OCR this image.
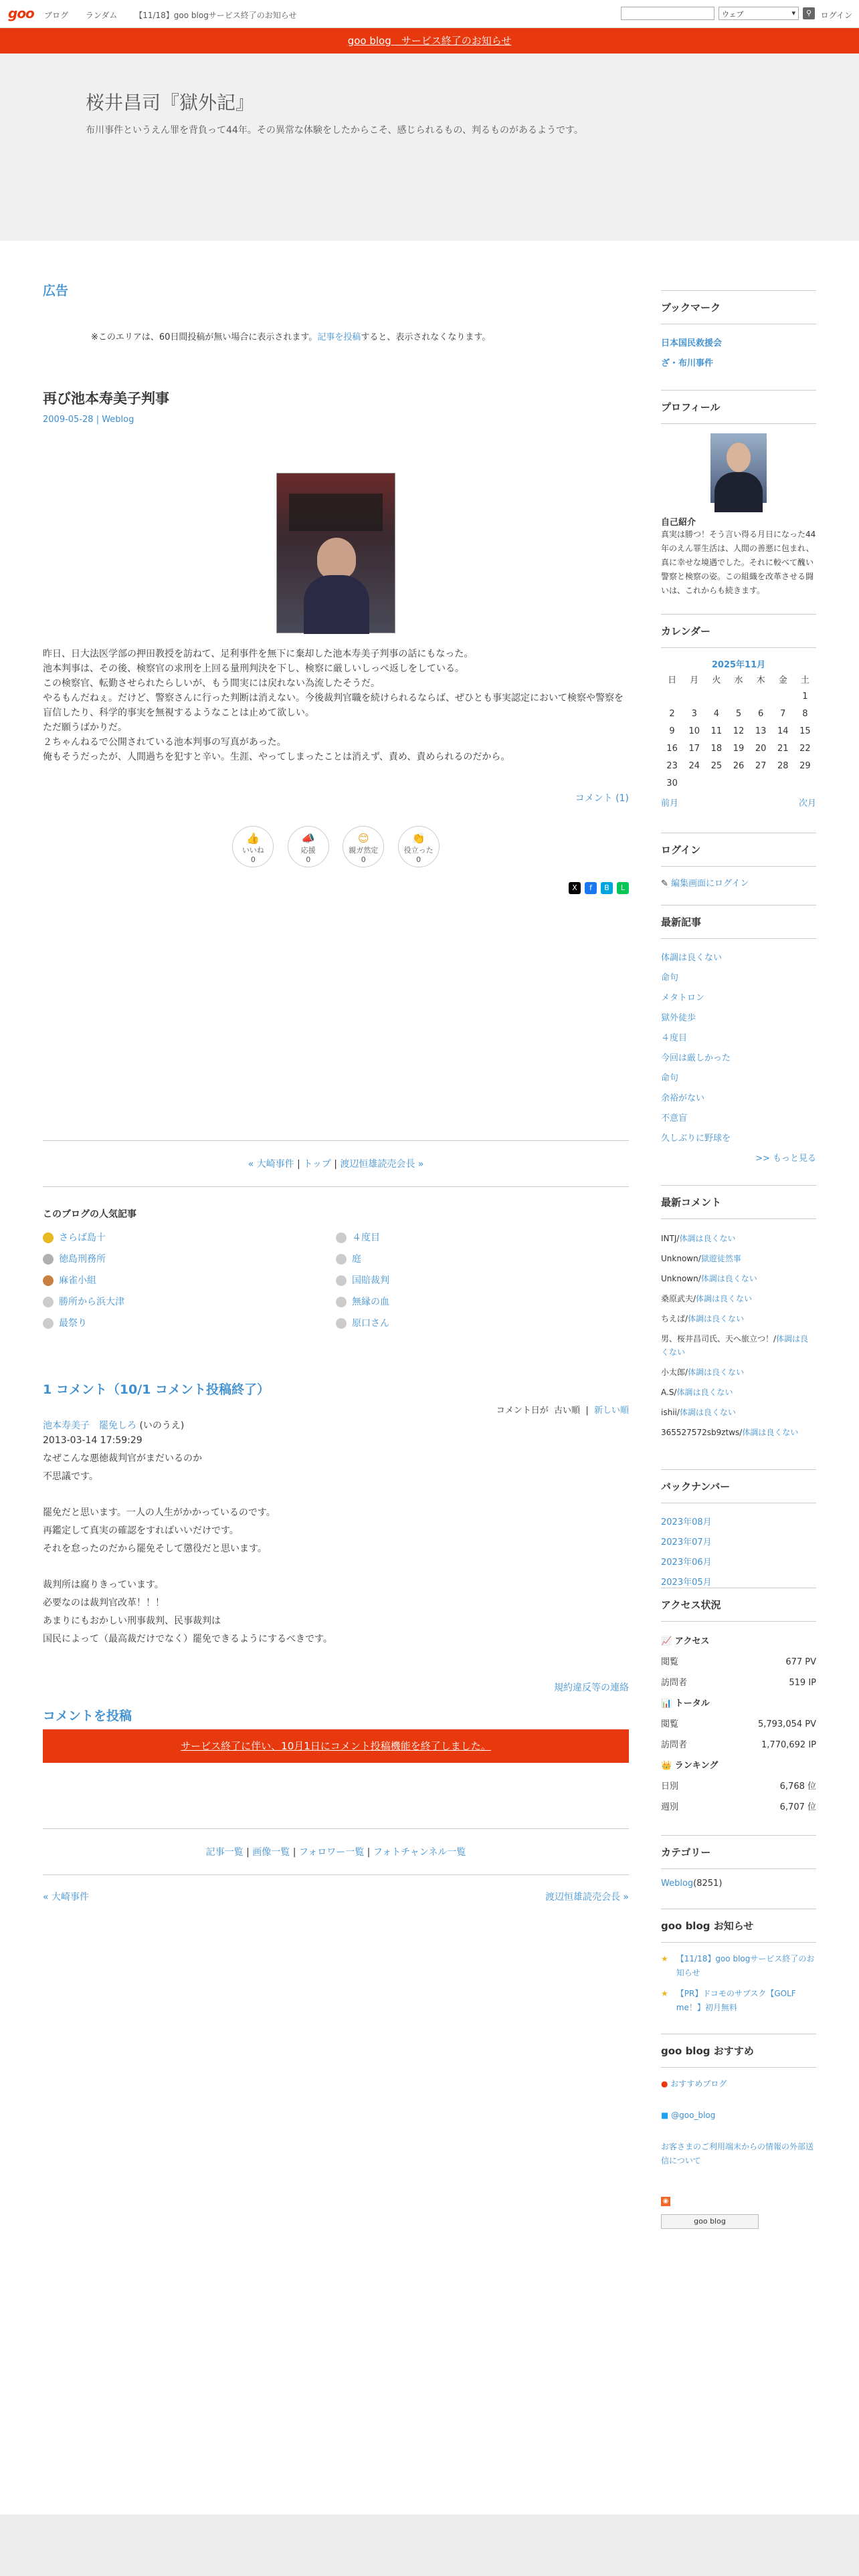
goo ブログ ランダム 【11/18】goo blogサービス終了のお知らせ	ウェブ	▾	⚲	ログイン
goo blog　サービス終了のお知らせ
桜井昌司『獄外記』
布川事件というえん罪を背負って44年。その異常な体験をしたからこそ、感じられるもの、判るものがあるようです。
広告
※このエリアは、60日間投稿が無い場合に表示されます。記事を投稿すると、表示されなくなります。
再び池本寿美子判事
2009-05-28 | Weblog
昨日、日大法医学部の押田教授を訪ねて、足利事件を無下に棄却した池本寿美子判事の話にもなった。
池本判事は、その後、検察官の求刑を上回る量刑判決を下し、検察に厳しいしっぺ返しをしている。
この検察官、転勤させられたらしいが、もう間実には戻れない為流したそうだ。
やるもんだねぇ。だけど、警察さんに行った判断は消えない。今後裁判官職を続けられるならば、ぜひとも事実認定において検察や警察を盲信したり、科学的事実を無視するようなことは止めて欲しい。
ただ願うばかりだ。
２ちゃんねるで公開されている池本判事の写真があった。
俺もそうだったが、人間過ちを犯すと辛い。生涯、やってしまったことは消えず、責め、責められるのだから。
コメント (1)
👍
いいね
0
📣
応援
0
😊
親ガ然定
0
👏
役立った
0
X f B L
« 大崎事件 | トップ | 渡辺恒雄読売会長 »
このブログの人気記事
さらば島十
徳島刑務所
麻雀小組
勝所から浜大津
最祭り
４度目
庭
国賠裁判
無縁の血
原口さん
1 コメント（10/1 コメント投稿終了）
コメント日が 古い順  |  新しい順
池本寿美子　罷免しろ (いのうえ)
2013-03-14 17:59:29
なぜこんな悪徳裁判官がまだいるのか
不思議です。
罷免だと思います。一人の人生がかかっているのです。
再鑑定して真実の確認をすればいいだけです。
それを怠ったのだから罷免そして懲役だと思います。
裁判所は腐りきっています。
必要なのは裁判官改革！！！
あまりにもおかしい刑事裁判、民事裁判は
国民によって（最高裁だけでなく）罷免できるようにするべきです。
規約違反等の連絡
コメントを投稿
サービス終了に伴い、10月1日にコメント投稿機能を終了しました。
記事一覧 | 画像一覧 | フォロワー一覧 | フォトチャンネル一覧
« 大崎事件	渡辺恒雄読売会長 »
ブックマーク
日本国民救援会
ざ・布川事件
プロフィール
自己紹介
真実は勝つ！そう言い得る月日になった44年のえん罪生活は、人間の善悪に包まれ、真に幸せな境遇でした。それに較べて醜い警察と検察の姿。この組織を改革させる闘いは、これからも続きます。
カレンダー
2025年11月
日	月	火	水	木	金	土
						1
2	3	4	5	6	7	8
9	10	11	12	13	14	15
16	17	18	19	20	21	22
23	24	25	26	27	28	29
30						
前月	次月
ログイン
✎ 編集画面にログイン
最新記事
体調は良くない
命句
メタトロン
獄外徒歩
４度目
今回は厳しかった
命句
余裕がない
不意盲
久しぶりに野球を
>> もっと見る
最新コメント
INTJ/体調は良くない
Unknown/獄遊徒然事
Unknown/体調は良くない
桑原武夫/体調は良くない
ちえぱ/体調は良くない
男、桜井昌司氏、天へ旅立つ！/体調は良くない
小太郎/体調は良くない
A.S/体調は良くない
ishii/体調は良くない
365527572sb9ztws/体調は良くない
バックナンバー
2023年08月
2023年07月
2023年06月
2023年05月
アクセス状況
📈 アクセス
閲覧	677 PV
訪問者	519 IP
📊 トータル
閲覧	5,793,054 PV
訪問者	1,770,692 IP
👑 ランキング
日別	6,768 位
週別	6,707 位
カテゴリー
Weblog(8251)
goo blog お知らせ
★ 【11/18】goo blogサービス終了のお知らせ
★ 【PR】ドコモのサブスク【GOLF me！】初月無料
goo blog おすすめ
● おすすめブログ
■ @goo_blog
お客さまのご利用端末からの情報の外部送信について
◉
goo blog
